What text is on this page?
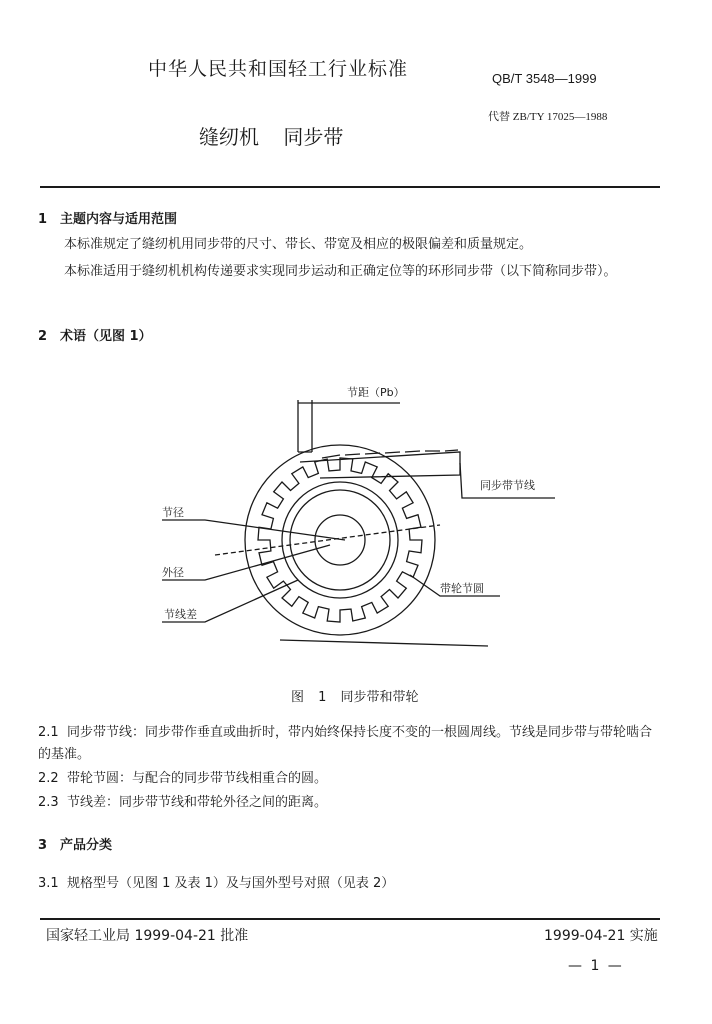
中华人民共和国轻工行业标准	QB/T 3548—1999
代替 ZB/TY 17025—1988
缝纫机 同步带
1 主题内容与适用范围
本标准规定了缝纫机用同步带的尺寸、带长、带宽及相应的极限偏差和质量规定。
本标准适用于缝纫机机构传递要求实现同步运动和正确定位等的环形同步带（以下简称同步带）。
2 术语（见图 1）
节距（Pb）
同步带节线
节径
外径
带轮节圆
节线差
图 1 同步带和带轮
2.1 同步带节线：同步带作垂直或曲折时，带内始终保持长度不变的一根圆周线。节线是同步带与带轮啮合的基准。
2.2 带轮节圆：与配合的同步带节线相重合的圆。
2.3 节线差：同步带节线和带轮外径之间的距离。
3 产品分类
3.1 规格型号（见图 1 及表 1）及与国外型号对照（见表 2）
国家轻工业局 1999-04-21 批准	1999-04-21 实施
— 1 —
